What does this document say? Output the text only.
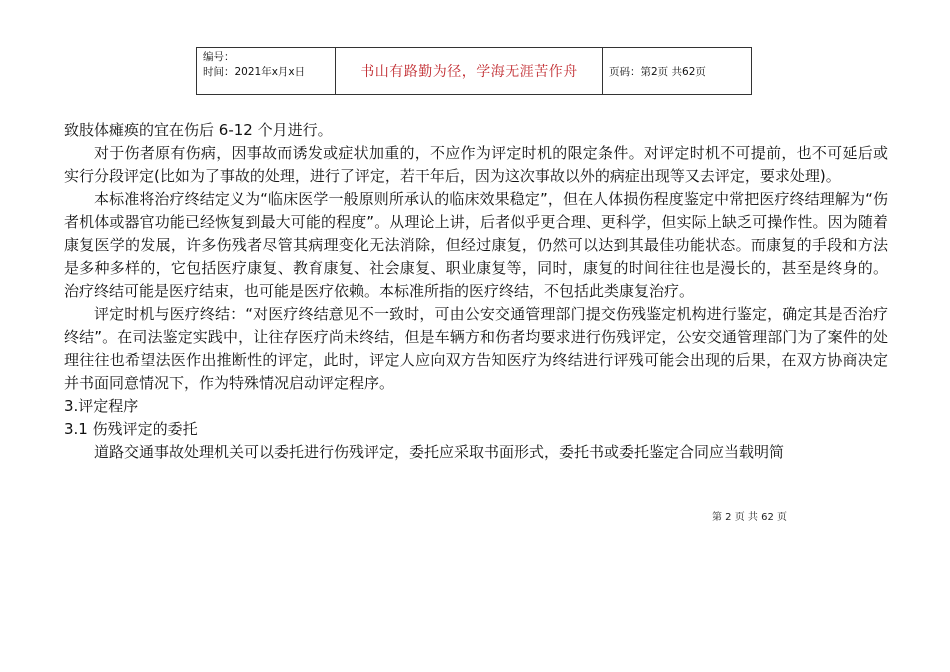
编号：
时间：2021年x月x日	书山有路勤为径，学海无涯苦作舟	页码：第2页 共62页

致肢体瘫痪的宜在伤后 6-12 个月进行。

对于伤者原有伤病，因事故而诱发或症状加重的，不应作为评定时机的限定条件。对评定时机不可提前，也不可延后或实行分段评定(比如为了事故的处理，进行了评定，若干年后，因为这次事故以外的病症出现等又去评定，要求处理)。

本标准将治疗终结定义为“临床医学一般原则所承认的临床效果稳定”，但在人体损伤程度鉴定中常把医疗终结理解为“伤者机体或器官功能已经恢复到最大可能的程度”。从理论上讲，后者似乎更合理、更科学，但实际上缺乏可操作性。因为随着康复医学的发展，许多伤残者尽管其病理变化无法消除，但经过康复，仍然可以达到其最佳功能状态。而康复的手段和方法是多种多样的，它包括医疗康复、教育康复、社会康复、职业康复等，同时，康复的时间往往也是漫长的，甚至是终身的。治疗终结可能是医疗结束，也可能是医疗依赖。本标准所指的医疗终结，不包括此类康复治疗。

评定时机与医疗终结：“对医疗终结意见不一致时，可由公安交通管理部门提交伤残鉴定机构进行鉴定，确定其是否治疗终结”。在司法鉴定实践中，让往存医疗尚未终结，但是车辆方和伤者均要求进行伤残评定，公安交通管理部门为了案件的处理往往也希望法医作出推断性的评定，此时，评定人应向双方告知医疗为终结进行评残可能会出现的后果，在双方协商决定并书面同意情况下，作为特殊情况启动评定程序。

3.评定程序

3.1 伤残评定的委托

道路交通事故处理机关可以委托进行伤残评定，委托应采取书面形式，委托书或委托鉴定合同应当载明简

第 2 页 共 62 页
